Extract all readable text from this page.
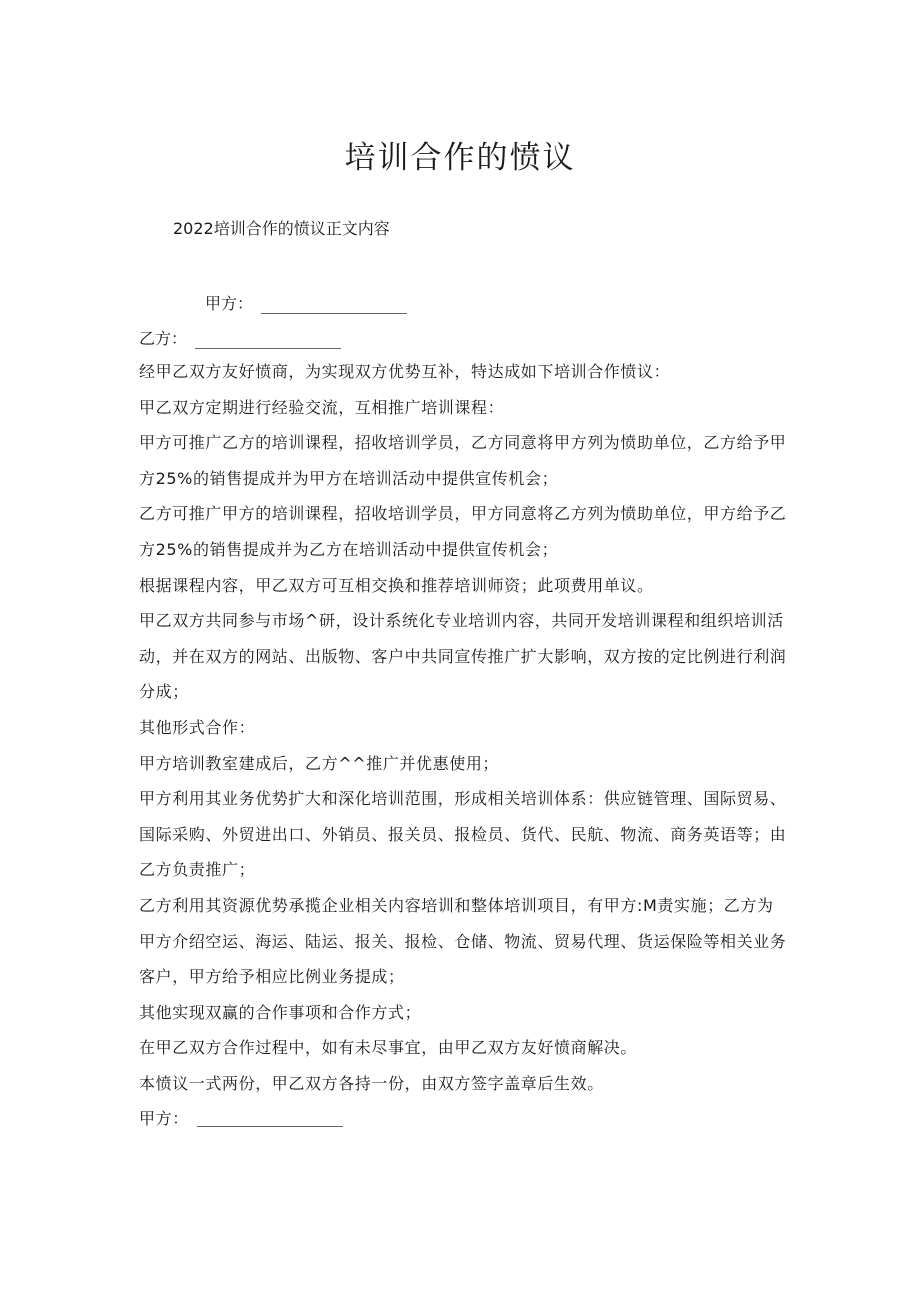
培训合作的愤议

2022培训合作的愤议正文内容

甲方：

乙方：

经甲乙双方友好愤商，为实现双方优势互补，特达成如下培训合作愤议：

甲乙双方定期进行经验交流，互相推广培训课程：

甲方可推广乙方的培训课程，招收培训学员，乙方同意将甲方列为愤助单位，乙方给予甲方25%的销售提成并为甲方在培训活动中提供宣传机会；

乙方可推广甲方的培训课程，招收培训学员，甲方同意将乙方列为愤助单位，甲方给予乙方25%的销售提成并为乙方在培训活动中提供宣传机会；

根据课程内容，甲乙双方可互相交换和推荐培训师资；此项费用单议。

甲乙双方共同参与市场^研，设计系统化专业培训内容，共同开发培训课程和组织培训活动，并在双方的网站、出版物、客户中共同宣传推广扩大影响，双方按的定比例进行利润分成；

其他形式合作：

甲方培训教室建成后，乙方^^推广并优惠使用；

甲方利用其业务优势扩大和深化培训范围，形成相关培训体系：供应链管理、国际贸易、国际采购、外贸进出口、外销员、报关员、报检员、货代、民航、物流、商务英语等；由乙方负责推广；

乙方利用其资源优势承揽企业相关内容培训和整体培训项目，有甲方:M责实施；乙方为甲方介绍空运、海运、陆运、报关、报检、仓储、物流、贸易代理、货运保险等相关业务客户，甲方给予相应比例业务提成；

其他实现双赢的合作事项和合作方式；

在甲乙双方合作过程中，如有未尽事宜，由甲乙双方友好愤商解决。

本愤议一式两份，甲乙双方各持一份，由双方签字盖章后生效。

甲方：
